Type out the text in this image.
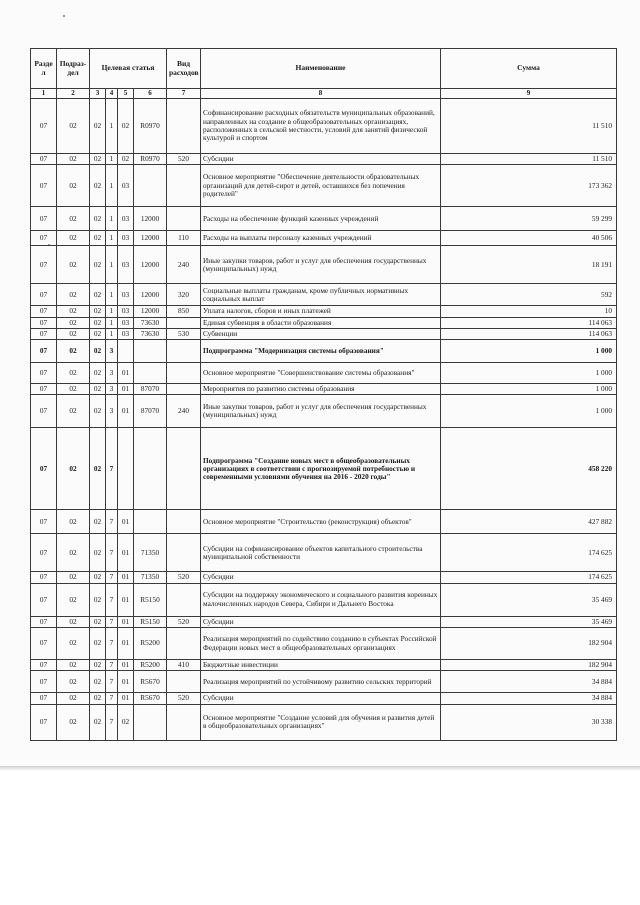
Разде л	Подраз- дел	Целевая статья				Вид расходов	Наименование	Сумма
1	2	3	4	5	6	7	8	9
07	02	02	1	02	R0970		Софинансирование расходных обязательств муниципальных образований, направленных на создание в общеобразовательных организациях, расположенных в сельской местности, условий для занятий физической культурой и спортом	11 510
07	02	02	1	02	R0970	520	Субсидии	11 510
07	02	02	1	03			Основное мероприятие "Обеспечение деятельности образовательных организаций для детей-сирот и детей, оставшихся без попечения родителей"	173 362
07	02	02	1	03	12000		Расходы на обеспечение функций казенных учреждений	59 299
07	02	02	1	03	12000	110	Расходы на выплаты персоналу казенных учреждений	40 506
07	02	02	1	03	12000	240	Иные закупки товаров, работ и услуг для обеспечения государственных (муниципальных) нужд	18 191
07	02	02	1	03	12000	320	Социальные выплаты гражданам, кроме публичных нормативных социальных выплат	592
07	02	02	1	03	12000	850	Уплата налогов, сборов и иных платежей	10
07	02	02	1	03	73630		Единая субвенция в области образования	114 063
07	02	02	1	03	73630	530	Субвенции	114 063
07	02	02	3				Подпрограмма "Модернизация системы образования"	1 000
07	02	02	3	01			Основное мероприятие "Совершенствование системы образования"	1 000
07	02	02	3	01	87070		Мероприятия по развитию системы образования	1 000
07	02	02	3	01	87070	240	Иные закупки товаров, работ и услуг для обеспечения государственных (муниципальных) нужд	1 000
07	02	02	7				Подпрограмма "Создание новых мест в общеобразовательных организациях в соответствии с прогнозируемой потребностью и современными условиями обучения на 2016 - 2020 годы"	458 220
07	02	02	7	01			Основное мероприятие "Строительство (реконструкция) объектов"	427 882
07	02	02	7	01	71350		Субсидии на софинансирование объектов капитального строительства муниципальной собственности	174 625
07	02	02	7	01	71350	520	Субсидии	174 625
07	02	02	7	01	R5150		Субсидии на поддержку экономического и социального развития коренных малочисленных народов Севера, Сибири и Дальнего Востока	35 469
07	02	02	7	01	R5150	520	Субсидии	35 469
07	02	02	7	01	R5200		Реализация мероприятий по содействию созданию в субъектах Российской Федерации новых мест в общеобразовательных организациях	182 904
07	02	02	7	01	R5200	410	Бюджетные инвестиции	182 904
07	02	02	7	01	R5670		Реализация мероприятий по устойчивому развитию сельских территорий	34 884
07	02	02	7	01	R5670	520	Субсидии	34 884
07	02	02	7	02			Основное мероприятие "Создание условий для обучения и развития детей в общеобразовательных организациях"	30 338
